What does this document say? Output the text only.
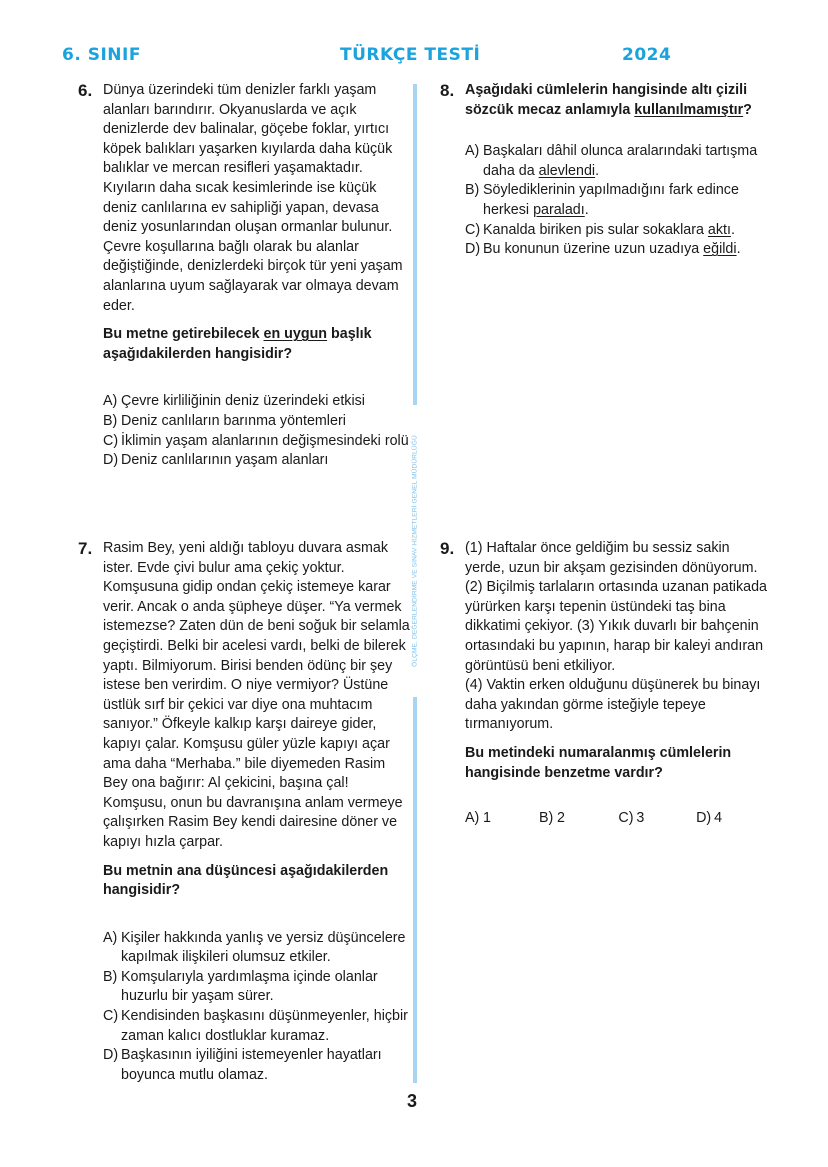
6. SINIF	TÜRKÇE TESTİ	2024
ÖLÇME, DEĞERLENDİRME VE SINAV HİZMETLERİ GENEL MÜDÜRLÜĞÜ
6. Dünya üzerindeki tüm denizler farklı yaşam alanları barındırır. Okyanuslarda ve açık denizlerde dev balinalar, göçebe foklar, yırtıcı köpek balıkları yaşarken kıyılarda daha küçük balıklar ve mercan resifleri yaşamaktadır. Kıyıların daha sıcak kesimlerinde ise küçük deniz canlılarına ev sahipliği yapan, devasa deniz yosunlarından oluşan ormanlar bulunur. Çevre koşullarına bağlı olarak bu alanlar değiştiğinde, denizlerdeki birçok tür yeni yaşam alanlarına uyum sağlayarak var olmaya devam eder.

Bu metne getirebilecek en uygun başlık aşağıdakilerden hangisidir?

A) Çevre kirliliğinin deniz üzerindeki etkisi
B) Deniz canlıların barınma yöntemleri
C) İklimin yaşam alanlarının değişmesindeki rolü
D) Deniz canlılarının yaşam alanları
7. Rasim Bey, yeni aldığı tabloyu duvara asmak ister. Evde çivi bulur ama çekiç yoktur. Komşusuna gidip ondan çekiç istemeye karar verir. Ancak o anda şüpheye düşer. “Ya vermek istemezse? Zaten dün de beni soğuk bir selamla geçiştirdi. Belki bir acelesi vardı, belki de bilerek yaptı. Bilmiyorum. Birisi benden ödünç bir şey istese ben verirdim. O niye vermiyor? Üstüne üstlük sırf bir çekici var diye ona muhtacım sanıyor.” Öfkeyle kalkıp karşı daireye gider, kapıyı çalar. Komşusu güler yüzle kapıyı açar ama daha “Merhaba.” bile diyemeden Rasim Bey ona bağırır: Al çekicini, başına çal! Komşusu, onun bu davranışına anlam vermeye çalışırken Rasim Bey kendi dairesine döner ve kapıyı hızla çarpar.

Bu metnin ana düşüncesi aşağıdakilerden hangisidir?

A) Kişiler hakkında yanlış ve yersiz düşüncelere kapılmak ilişkileri olumsuz etkiler.
B) Komşularıyla yardımlaşma içinde olanlar huzurlu bir yaşam sürer.
C) Kendisinden başkasını düşünmeyenler, hiçbir zaman kalıcı dostluklar kuramaz.
D) Başkasının iyiliğini istemeyenler hayatları boyunca mutlu olamaz.
8. Aşağıdaki cümlelerin hangisinde altı çizili sözcük mecaz anlamıyla kullanılmamıştır?

A) Başkaları dâhil olunca aralarındaki tartışma daha da alevlendi.
B) Söylediklerinin yapılmadığını fark edince herkesi paraladı.
C) Kanalda biriken pis sular sokaklara aktı.
D) Bu konunun üzerine uzun uzadıya eğildi.
9. (1) Haftalar önce geldiğim bu sessiz sakin yerde, uzun bir akşam gezisinden dönüyorum. (2) Biçilmiş tarlaların ortasında uzanan patikada yürürken karşı tepenin üstündeki taş bina dikkatimi çekiyor. (3) Yıkık duvarlı bir bahçenin ortasındaki bu yapının, harap bir kaleyi andıran görüntüsü beni etkiliyor.

(4) Vaktin erken olduğunu düşünerek bu binayı daha yakından görme isteğiyle tepeye tırmanıyorum.

Bu metindeki numaralanmış cümlelerin hangisinde benzetme vardır?

A) 1	B) 2	C) 3	D) 4
3
